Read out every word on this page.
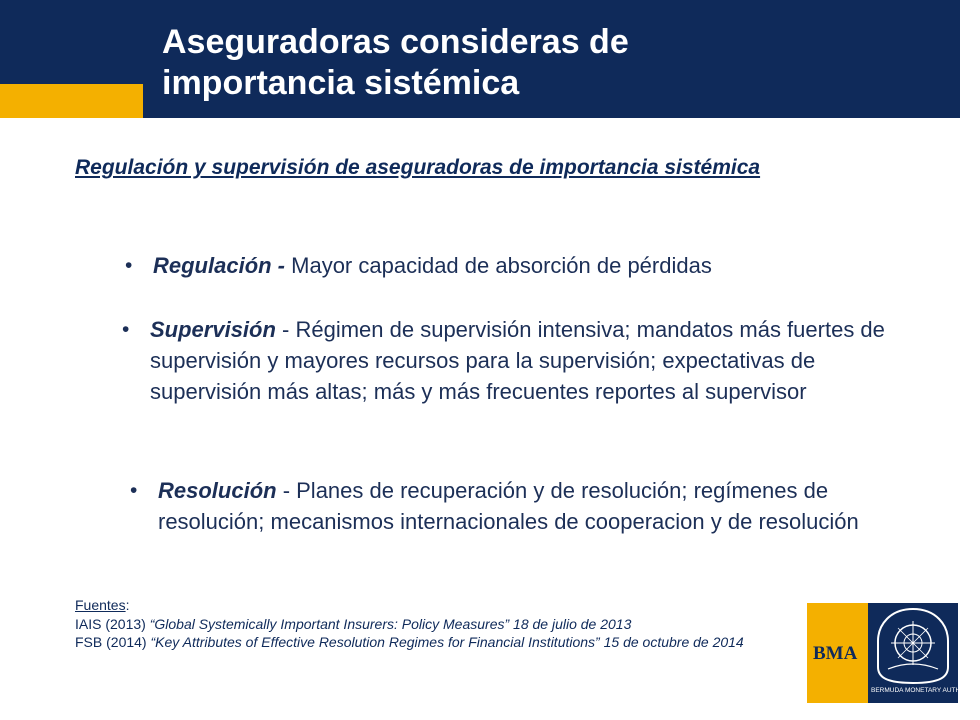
Aseguradoras consideras de
importancia sistémica
Regulación y supervisión de aseguradoras de importancia sistémica
• Regulación - Mayor capacidad de absorción de pérdidas
• Supervisión - Régimen de supervisión intensiva; mandatos más fuertes de supervisión y mayores recursos para la supervisión; expectativas de supervisión más altas; más y más frecuentes reportes al supervisor
• Resolución - Planes de recuperación y de resolución; regímenes de resolución; mecanismos internacionales de cooperacion y de resolución
Fuentes:
IAIS (2013) “Global Systemically Important Insurers: Policy Measures” 18 de julio de 2013
FSB (2014) “Key Attributes of Effective Resolution Regimes for Financial Institutions” 15 de octubre de 2014
BMA
BERMUDA MONETARY AUTHORITY
